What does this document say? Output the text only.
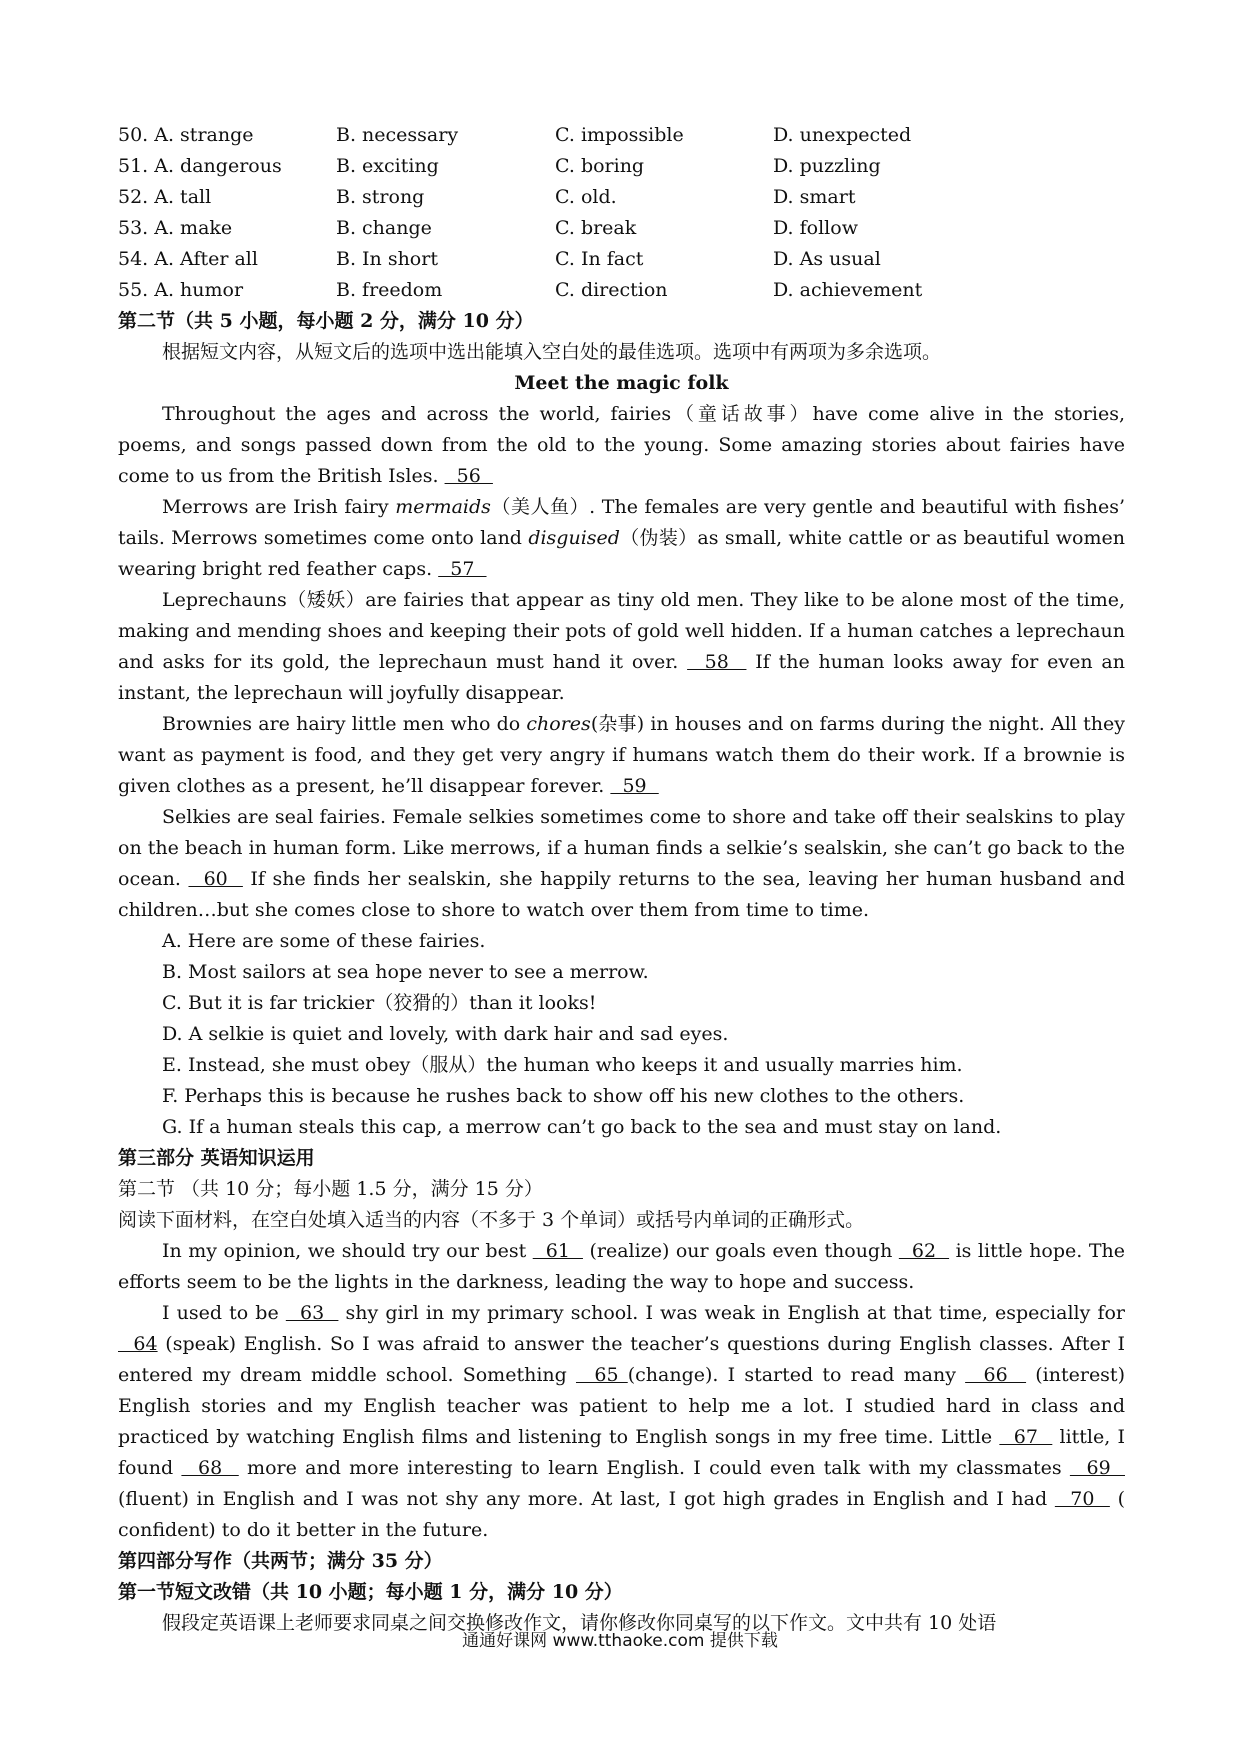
50. A. strange	B. necessary	C. impossible	D. unexpected
51. A. dangerous	B. exciting	C. boring	D. puzzling
52. A. tall	B. strong	C. old.	D. smart
53. A. make	B. change	C. break	D. follow
54. A. After all	B. In short	C. In fact	D. As usual
55. A. humor	B. freedom	C. direction	D. achievement
第二节（共 5 小题，每小题 2 分，满分 10 分）
根据短文内容，从短文后的选项中选出能填入空白处的最佳选项。选项中有两项为多余选项。
Meet the magic folk

Throughout the ages and across the world, fairies（童话故事）have come alive in the stories, poems, and songs passed down from the old to the young. Some amazing stories about fairies have come to us from the British Isles.   56

Merrows are Irish fairy mermaids（美人鱼）. The females are very gentle and beautiful with fishes’ tails. Merrows sometimes come onto land disguised（伪装）as small, white cattle or as beautiful women wearing bright red feather caps.   57

Leprechauns（矮妖）are fairies that appear as tiny old men. They like to be alone most of the time, making and mending shoes and keeping their pots of gold well hidden. If a human catches a leprechaun and asks for its gold, the leprechaun must hand it over.   58   If the human looks away for even an instant, the leprechaun will joyfully disappear.

Brownies are hairy little men who do chores(杂事) in houses and on farms during the night. All they want as payment is food, and they get very angry if humans watch them do their work. If a brownie is given clothes as a present, he’ll disappear forever.   59

Selkies are seal fairies. Female selkies sometimes come to shore and take off their sealskins to play on the beach in human form. Like merrows, if a human finds a selkie’s sealskin, she can’t go back to the ocean.   60   If she finds her sealskin, she happily returns to the sea, leaving her human husband and children…but she comes close to shore to watch over them from time to time.

A. Here are some of these fairies.
B. Most sailors at sea hope never to see a merrow.
C. But it is far trickier（狡猾的）than it looks!
D. A selkie is quiet and lovely, with dark hair and sad eyes.
E. Instead, she must obey（服从）the human who keeps it and usually marries him.
F. Perhaps this is because he rushes back to show off his new clothes to the others.
G. If a human steals this cap, a merrow can’t go back to the sea and must stay on land.
第三部分 英语知识运用
第二节 （共 10 分；每小题 1.5 分，满分 15 分）
阅读下面材料，在空白处填入适当的内容（不多于 3 个单词）或括号内单词的正确形式。

In my opinion, we should try our best   61   (realize) our goals even though   62   is little hope. The efforts seem to be the lights in the darkness, leading the way to hope and success.

I used to be   63   shy girl in my primary school. I was weak in English at that time, especially for   64 (speak) English. So I was afraid to answer the teacher’s questions during English classes. After I entered my dream middle school. Something   65 (change). I started to read many   66   (interest) English stories and my English teacher was patient to help me a lot. I studied hard in class and practiced by watching English films and listening to English songs in my free time. Little   67   little, I found   68   more and more interesting to learn English. I could even talk with my classmates   69   (fluent) in English and I was not shy any more. At last, I got high grades in English and I had   70   ( confident) to do it better in the future.

第四部分写作（共两节；满分 35 分）
第一节短文改错（共 10 小题；每小题 1 分，满分 10 分）
假段定英语课上老师要求同桌之间交换修改作文，请你修改你同桌写的以下作文。文中共有 10 处语
通通好课网 www.tthaoke.com 提供下载
